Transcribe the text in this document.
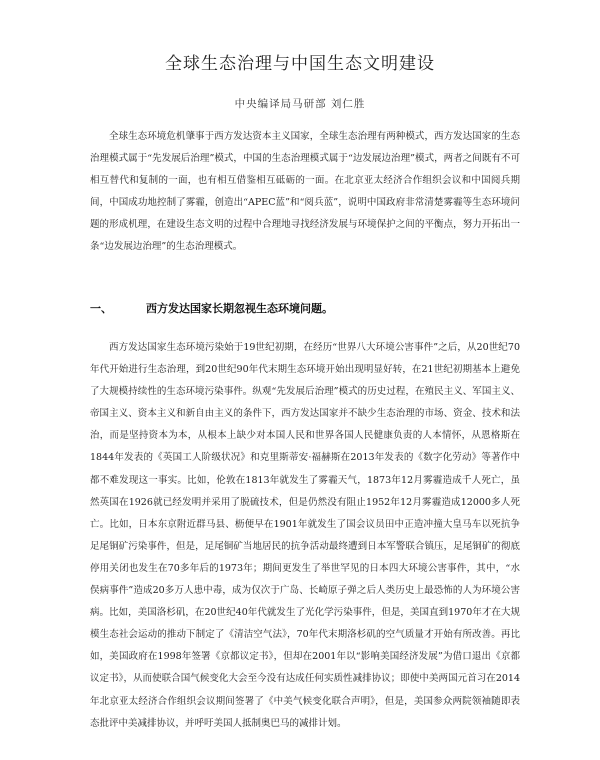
全球生态治理与中国生态文明建设
中央编译局马研部 刘仁胜

全球生态环境危机肇事于西方发达资本主义国家，全球生态治理有两种模式，西方发达国家的生态治理模式属于“先发展后治理”模式，中国的生态治理模式属于“边发展边治理”模式，两者之间既有不可相互替代和复制的一面，也有相互借鉴相互砥砺的一面。在北京亚太经济合作组织会议和中国阅兵期间，中国成功地控制了雾霾，创造出“APEC蓝”和“阅兵蓝”，说明中国政府非常清楚雾霾等生态环境问题的形成机理，在建设生态文明的过程中合理地寻找经济发展与环境保护之间的平衡点，努力开拓出一条“边发展边治理”的生态治理模式。

一、	西方发达国家长期忽视生态环境问题。

西方发达国家生态环境污染始于19世纪初期，在经历“世界八大环境公害事件”之后，从20世纪70年代开始进行生态治理，到20世纪90年代末期生态环境开始出现明显好转，在21世纪初期基本上避免了大规模持续性的生态环境污染事件。纵观“先发展后治理”模式的历史过程，在殖民主义、军国主义、帝国主义、资本主义和新自由主义的条件下，西方发达国家并不缺少生态治理的市场、资金、技术和法治，而是坚持资本为本，从根本上缺少对本国人民和世界各国人民健康负责的人本情怀，从恩格斯在1844年发表的《英国工人阶级状况》和克里斯蒂安·福赫斯在2013年发表的《数字化劳动》等著作中都不难发现这一事实。比如，伦敦在1813年就发生了雾霾天气，1873年12月雾霾造成千人死亡，虽然英国在1926就已经发明并采用了脱硫技术，但是仍然没有阻止1952年12月雾霾造成12000多人死亡。比如，日本东京附近群马县、枥便早在1901年就发生了国会议员田中正造冲撞大皇马车以死抗争足尾铜矿污染事件，但是，足尾铜矿当地居民的抗争活动最终遭到日本军警联合镇压，足尾铜矿的彻底停用关闭也发生在70多年后的1973年；期间更发生了举世罕见的日本四大环境公害事件，其中，“水俣病事件”造成20多万人患中毒，成为仅次于广岛、长崎原子弹之后人类历史上最恐怖的人为环境公害病。比如，美国洛杉矶，在20世纪40年代就发生了光化学污染事件，但是，美国直到1970年才在大规模生态社会运动的推动下制定了《清洁空气法》，70年代末期洛杉矶的空气质量才开始有所改善。再比如，美国政府在1998年签署《京都议定书》，但却在2001年以“影响美国经济发展”为借口退出《京都议定书》，从而使联合国气候变化大会至今没有达成任何实质性减排协议；即使中美两国元首习在2014年北京亚太经济合作组织会议期间签署了《中美气候变化联合声明》，但是，美国参众两院领袖随即表态批评中美减排协议，并呼吁美国人抵制奥巴马的减排计划。
